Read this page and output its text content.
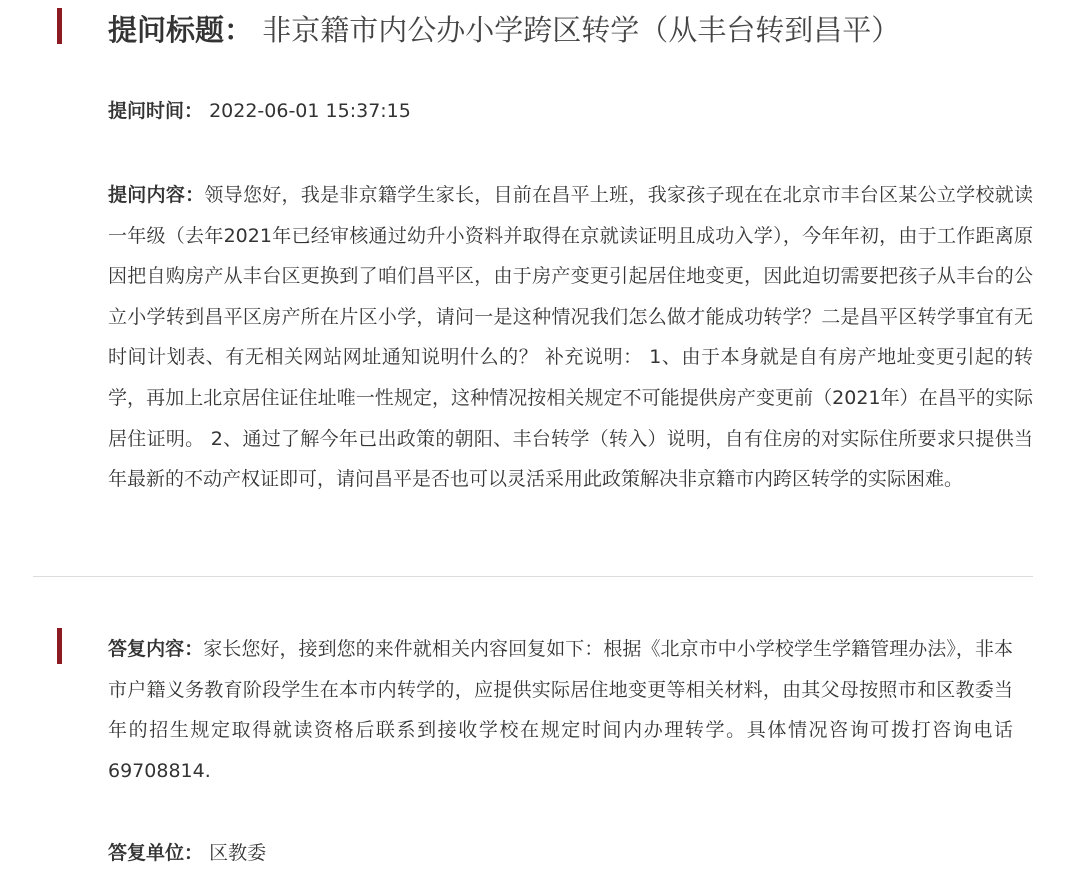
提问标题： 非京籍市内公办小学跨区转学（从丰台转到昌平）
提问时间： 2022-06-01 15:37:15
提问内容：领导您好，我是非京籍学生家长，目前在昌平上班，我家孩子现在在北京市丰台区某公立学校就读一年级（去年2021年已经审核通过幼升小资料并取得在京就读证明且成功入学），今年年初，由于工作距离原因把自购房产从丰台区更换到了咱们昌平区，由于房产变更引起居住地变更，因此迫切需要把孩子从丰台的公立小学转到昌平区房产所在片区小学，请问一是这种情况我们怎么做才能成功转学？二是昌平区转学事宜有无时间计划表、有无相关网站网址通知说明什么的？ 补充说明： 1、由于本身就是自有房产地址变更引起的转学，再加上北京居住证住址唯一性规定，这种情况按相关规定不可能提供房产变更前（2021年）在昌平的实际居住证明。 2、通过了解今年已出政策的朝阳、丰台转学（转入）说明，自有住房的对实际住所要求只提供当年最新的不动产权证即可，请问昌平是否也可以灵活采用此政策解决非京籍市内跨区转学的实际困难。
答复内容：家长您好，接到您的来件就相关内容回复如下：根据《北京市中小学校学生学籍管理办法》，非本市户籍义务教育阶段学生在本市内转学的，应提供实际居住地变更等相关材料，由其父母按照市和区教委当年的招生规定取得就读资格后联系到接收学校在规定时间内办理转学。具体情况咨询可拨打咨询电话69708814.
答复单位： 区教委
